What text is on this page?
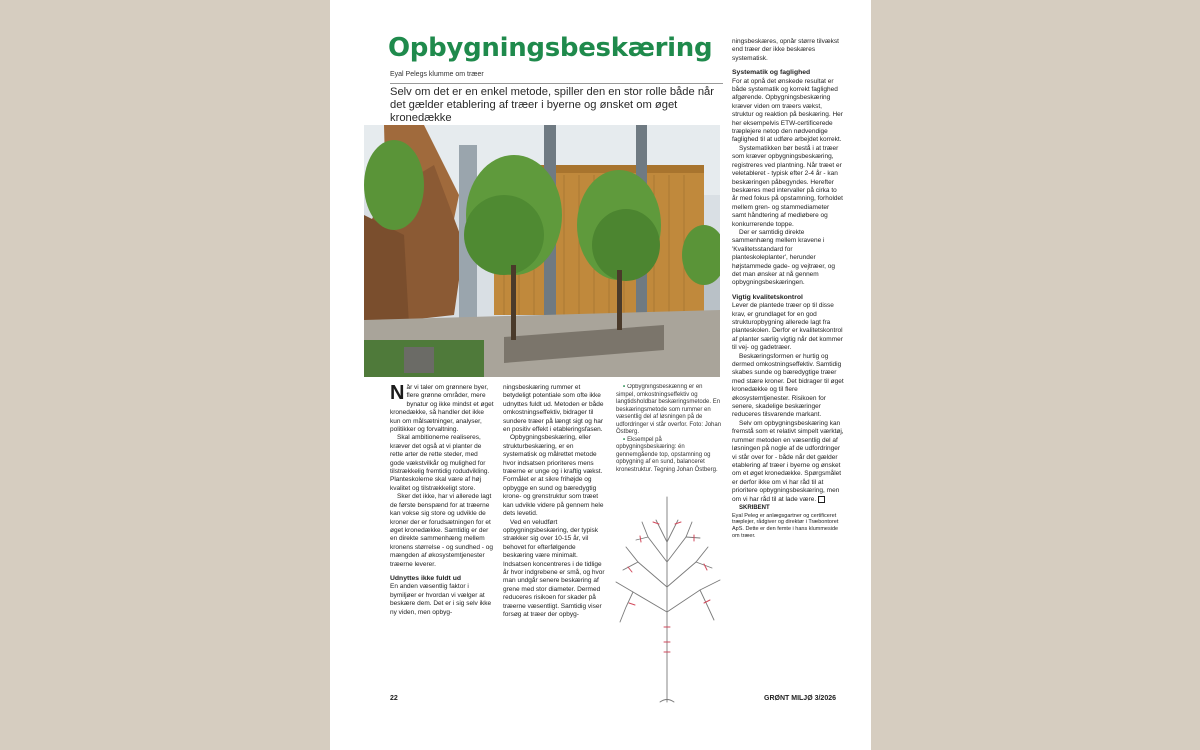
Opbygningsbeskæring
Eyal Pelegs klumme om træer

Selv om det er en enkel metode, spiller den en stor rolle både når det gælder etablering af træer i byerne og ønsket om øget kronedække

Når vi taler om grønnere byer, flere grønne områder, mere bynatur og ikke mindst et øget kronedække, så handler det ikke kun om målsætninger, analyser, politikker og forvaltning.

Skal ambitionerne realiseres, kræver det også at vi planter de rette arter de rette steder, med gode vækstvilkår og mulighed for tilstrækkelig fremtidig rodudvikling. Planteskolerne skal være af høj kvalitet og tilstrækkeligt store.

Sker det ikke, har vi allerede lagt de første benspænd for at træerne kan vokse sig store og udvikle de kroner der er forudsætningen for et øget kronedække. Samtidig er der en direkte sammenhæng mellem kronens størrelse - og sundhed - og mængden af økosystemtjenester træerne leverer.

Udnyttes ikke fuldt ud

En anden væsentlig faktor i bymiljøer er hvordan vi vælger at beskære dem. Det er i sig selv ikke ny viden, men opbyg-

ningsbeskæring rummer et betydeligt potentiale som ofte ikke udnyttes fuldt ud. Metoden er både omkostningseffektiv, bidrager til sundere træer på længt sigt og har en positiv effekt i etableringsfasen.

Opbygningsbeskæring, eller strukturbeskæring, er en systematisk og målrettet metode hvor indsatsen prioriteres mens træerne er unge og i kraftig vækst. Formålet er at sikre frihøjde og opbygge en sund og bæredygtig krone- og grenstruktur som træet kan udvikle videre på gennem hele dets levetid.

Ved en veludført opbygningsbeskæring, der typisk strækker sig over 10-15 år, vil behovet for efterfølgende beskæring være minimalt. Indsatsen koncentreres i de tidlige år hvor indgrebene er små, og hvor man undgår senere beskæring af grene med stor diameter. Dermed reduceres risikoen for skader på træerne væsentligt. Samtidig viser forsøg at træer der opbyg-

• Opbygningsbeskæring er en simpel, omkostningseffektiv og langtidsholdbar beskæringsmetode. En beskæringsmetode som rummer en væsentlig del af løsningen på de udfordringer vi står overfor. Foto: Johan Östberg.

• Eksempel på opbygningsbeskæring: én gennemgående top, opstamning og opbygning af en sund, balanceret kronestruktur. Tegning Johan Östberg.

ningsbeskæres, opnår større tilvækst end træer der ikke beskæres systematisk.

Systematik og faglighed

For at opnå det ønskede resultat er både systematik og korrekt faglighed afgørende. Opbygningsbeskæring kræver viden om træers vækst, struktur og reaktion på beskæring. Her her eksempelvis ETW-certificerede træplejere netop den nødvendige faglighed til at udføre arbejdet korrekt.

Systematikken bør bestå i at træer som kræver opbygningsbeskæring, registreres ved plantning. Når træet er veletableret - typisk efter 2-4 år - kan beskæringen påbegyndes. Herefter beskæres med intervaller på cirka to år med fokus på opstamning, forholdet mellem gren- og stammediameter samt håndtering af medløbere og konkurrerende toppe.

Der er samtidig direkte sammenhæng mellem kravene i 'Kvalitetsstandard for planteskoleplanter', herunder højstammede gade- og vejtræer, og det man ønsker at nå gennem opbygningsbeskæringen.

Vigtig kvalitetskontrol

Lever de plantede træer op til disse krav, er grundlaget for en god strukturopbygning allerede lagt fra planteskolen. Derfor er kvalitetskontrol af planter særlig vigtig når det kommer til vej- og gadetræer.

Beskæringsformen er hurtig og dermed omkostningseffektiv. Samtidig skabes sunde og bæredygtige træer med stære kroner. Det bidrager til øget kronedække og til flere økosystemtjenester. Risikoen for senere, skadelige beskæringer reduceres tilsvarende markant.

Selv om opbygningsbeskæring kan fremstå som et relativt simpelt værktøj, rummer metoden en væsentlig del af løsningen på nogle af de udfordringer vi står over for - både når det gælder etablering af træer i byerne og ønsket om et øget kronedække. Spørgsmålet er derfor ikke om vi har råd til at prioritere opbygningsbeskæring, men om vi har råd til at lade være.

SKRIBENT

Eyal Peleg er anlægsgartner og certificeret træplejer, rådgiver og direktør i Træbontoret ApS. Dette er den femte i hans klummeside om træer.

22	GRØNT MILJØ 3/2026
